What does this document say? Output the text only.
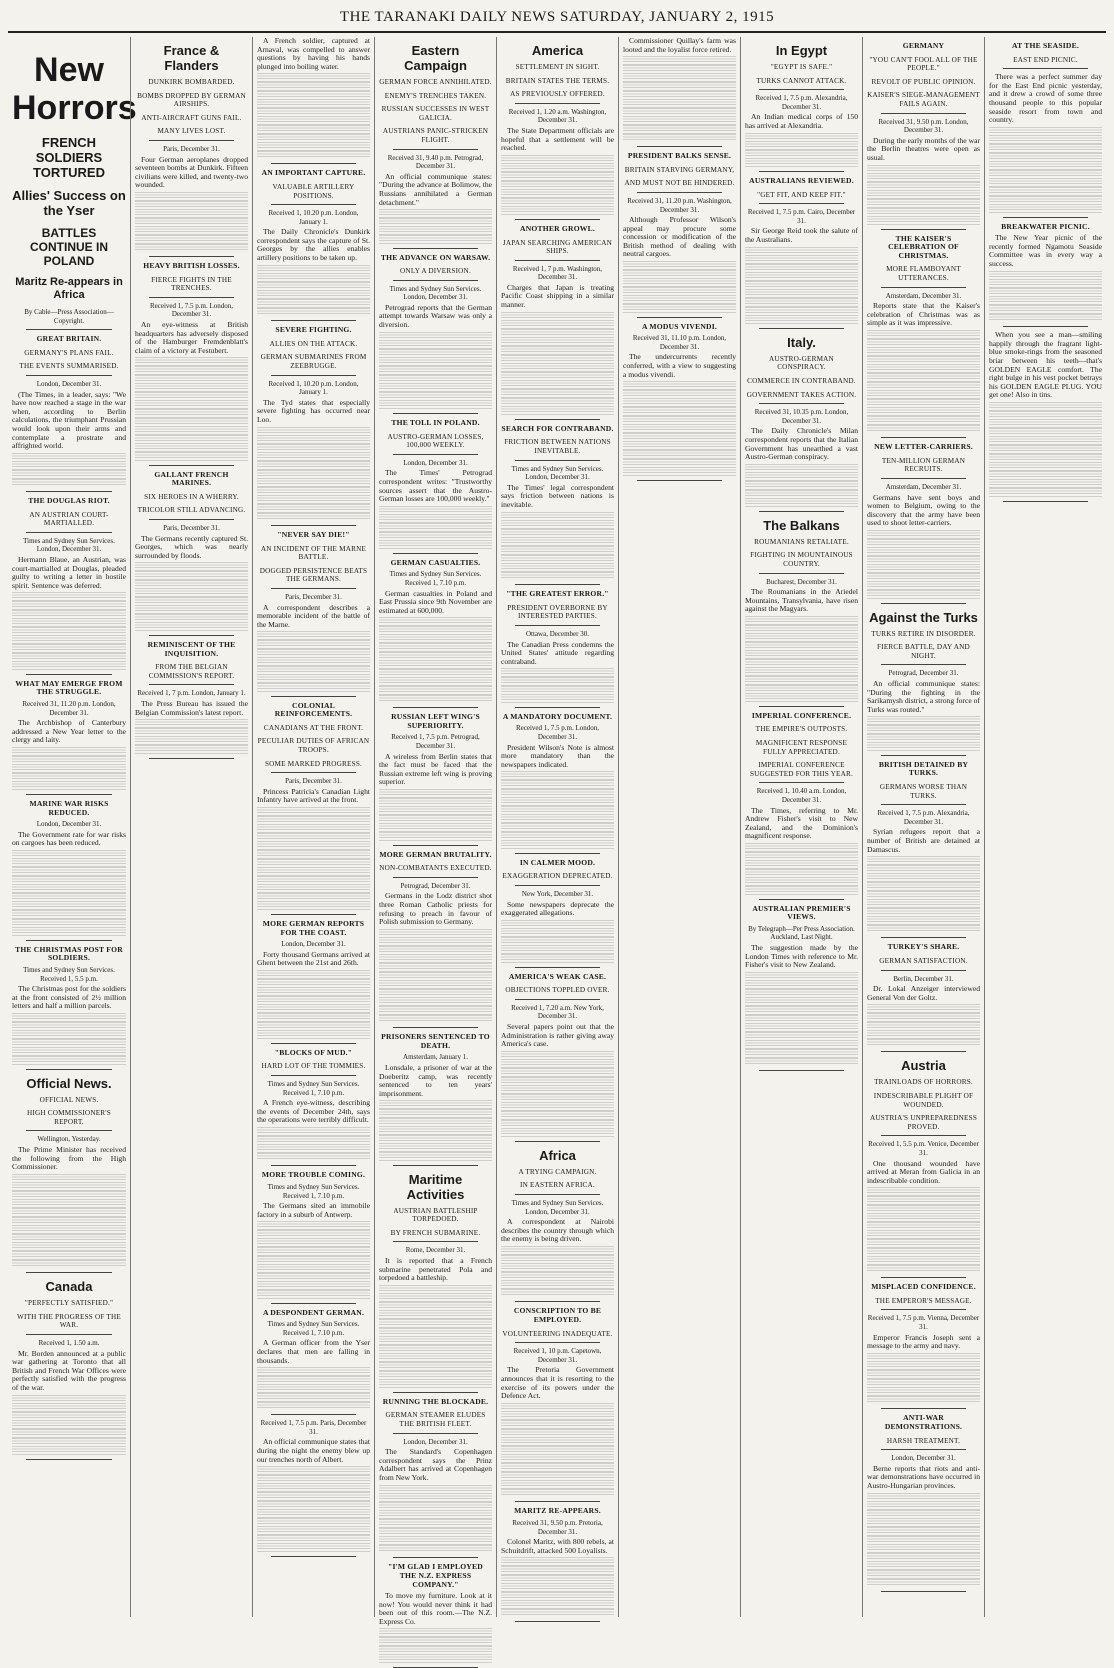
THE TARANAKI DAILY NEWS SATURDAY, JANUARY 2, 1915
New Horrors
FRENCH SOLDIERS TORTURED
Allies' Success on the Yser
BATTLES CONTINUE IN POLAND
Maritz Re-appears in Africa
By Cable—Press Association—Copyright.
GREAT BRITAIN.
GERMANY'S PLANS FAIL.
THE EVENTS SUMMARISED.
London, December 31.

(The Times, in a leader, says: "We have now reached a stage in the war when, according to Berlin calculations, the triumphant Prussian would look upon their arms and contemplate a prostrate and affrighted world.

THE DOUGLAS RIOT.
AN AUSTRIAN COURT-MARTIALLED.
Times and Sydney Sun Services. London, December 31.

Hermann Blaue, an Austrian, was court-martialled at Douglas, pleaded guilty to writing a letter in hostile spirit. Sentence was deferred.

WHAT MAY EMERGE FROM THE STRUGGLE.
Received 31, 11.20 p.m. London, December 31.

The Archbishop of Canterbury addressed a New Year letter to the clergy and laity.

MARINE WAR RISKS REDUCED.
London, December 31.

The Government rate for war risks on cargoes has been reduced.

THE CHRISTMAS POST FOR SOLDIERS.
Times and Sydney Sun Services. Received 1, 5.5 p.m.

The Christmas post for the soldiers at the front consisted of 2½ million letters and half a million parcels.

Official News.
OFFICIAL NEWS.
HIGH COMMISSIONER'S REPORT.
Wellington, Yesterday.

The Prime Minister has received the following from the High Commissioner.

Canada
"PERFECTLY SATISFIED."
WITH THE PROGRESS OF THE WAR.
Received 1, 1.50 a.m.

Mr. Borden announced at a public war gathering at Toronto that all British and French War Offices were perfectly satisfied with the progress of the war.

France & Flanders
DUNKIRK BOMBARDED.
BOMBS DROPPED BY GERMAN AIRSHIPS.
ANTI-AIRCRAFT GUNS FAIL.
MANY LIVES LOST.
Paris, December 31.

Four German aeroplanes dropped seventeen bombs at Dunkirk. Fifteen civilians were killed, and twenty-two wounded.

HEAVY BRITISH LOSSES.
FIERCE FIGHTS IN THE TRENCHES.
Received 1, 7.5 p.m. London, December 31.

An eye-witness at British headquarters has adversely disposed of the Hamburger Fremdenblatt's claim of a victory at Festubert.

GALLANT FRENCH MARINES.
SIX HEROES IN A WHERRY.
TRICOLOR STILL ADVANCING.
Paris, December 31.

The Germans recently captured St. Georges, which was nearly surrounded by floods.

REMINISCENT OF THE INQUISITION.
FROM THE BELGIAN COMMISSION'S REPORT.
Received 1, 7 p.m. London, January 1.

The Press Bureau has issued the Belgian Commission's latest report.

A French soldier, captured at Arnaval, was compelled to answer questions by having his hands plunged into boiling water.

AN IMPORTANT CAPTURE.
VALUABLE ARTILLERY POSITIONS.
Received 1, 10.20 p.m. London, January 1.

The Daily Chronicle's Dunkirk correspondent says the capture of St. Georges by the allies enables artillery positions to be taken up.

SEVERE FIGHTING.
ALLIES ON THE ATTACK.
GERMAN SUBMARINES FROM ZEEBRUGGE.
Received 1, 10.20 p.m. London, January 1.

The Tyd states that especially severe fighting has occurred near Loo.

"NEVER SAY DIE!"
AN INCIDENT OF THE MARNE BATTLE.
DOGGED PERSISTENCE BEATS THE GERMANS.
Paris, December 31.

A correspondent describes a memorable incident of the battle of the Marne.

COLONIAL REINFORCEMENTS.
CANADIANS AT THE FRONT.
PECULIAR DUTIES OF AFRICAN TROOPS.
SOME MARKED PROGRESS.
Paris, December 31.

Princess Patricia's Canadian Light Infantry have arrived at the front.

MORE GERMAN REPORTS FOR THE COAST.
London, December 31.

Forty thousand Germans arrived at Ghent between the 21st and 26th.

"BLOCKS OF MUD."
HARD LOT OF THE TOMMIES.
Times and Sydney Sun Services. Received 1, 7.10 p.m.

A French eye-witness, describing the events of December 24th, says the operations were terribly difficult.

MORE TROUBLE COMING.
Times and Sydney Sun Services. Received 1, 7.10 p.m.

The Germans sited an immobile factory in a suburb of Antwerp.

A DESPONDENT GERMAN.
Times and Sydney Sun Services. Received 1, 7.10 p.m.

A German officer from the Yser declares that men are falling in thousands.

Received 1, 7.5 p.m. Paris, December 31.

An official communique states that during the night the enemy blew up our trenches north of Albert.

Eastern Campaign
GERMAN FORCE ANNIHILATED.
ENEMY'S TRENCHES TAKEN.
RUSSIAN SUCCESSES IN WEST GALICIA.
AUSTRIANS PANIC-STRICKEN FLIGHT.
Received 31, 9.40 p.m. Petrograd, December 31.

An official communique states: "During the advance at Bolimow, the Russians annihilated a German detachment."

THE ADVANCE ON WARSAW.
ONLY A DIVERSION.
Times and Sydney Sun Services. London, December 31.

Petrograd reports that the German attempt towards Warsaw was only a diversion.

THE TOLL IN POLAND.
AUSTRO-GERMAN LOSSES, 100,000 WEEKLY.
London, December 31.

The Times' Petrograd correspondent writes: "Trustworthy sources assert that the Austro-German losses are 100,000 weekly."

GERMAN CASUALTIES.
Times and Sydney Sun Services. Received 1, 7.10 p.m.

German casualties in Poland and East Prussia since 9th November are estimated at 600,000.

RUSSIAN LEFT WING'S SUPERIORITY.
Received 1, 7.5 p.m. Petrograd, December 31.

A wireless from Berlin states that the fact must be faced that the Russian extreme left wing is proving superior.

MORE GERMAN BRUTALITY.
NON-COMBATANTS EXECUTED.
Petrograd, December 31.

Germans in the Lodz district shot three Roman Catholic priests for refusing to preach in favour of Polish submission to Germany.

PRISONERS SENTENCED TO DEATH.
Amsterdam, January 1.

Lonsdale, a prisoner of war at the Doeberitz camp, was recently sentenced to ten years' imprisonment.

Maritime Activities
AUSTRIAN BATTLESHIP TORPEDOED.
BY FRENCH SUBMARINE.
Rome, December 31.

It is reported that a French submarine penetrated Pola and torpedoed a battleship.

RUNNING THE BLOCKADE.
GERMAN STEAMER ELUDES THE BRITISH FLEET.
London, December 31.

The Standard's Copenhagen correspondent says the Prinz Adalbert has arrived at Copenhagen from New York.

"I'M GLAD I EMPLOYED THE N.Z. EXPRESS COMPANY."

To move my furniture. Look at it now! You would never think it had been out of this room.—The N.Z. Express Co.

America
SETTLEMENT IN SIGHT.
BRITAIN STATES THE TERMS.
AS PREVIOUSLY OFFERED.
Received 1, 1.20 a.m. Washington, December 31.

The State Department officials are hopeful that a settlement will be reached.

ANOTHER GROWL.
JAPAN SEARCHING AMERICAN SHIPS.
Received 1, 7 p.m. Washington, December 31.

Charges that Japan is treating Pacific Coast shipping in a similar manner.

SEARCH FOR CONTRABAND.
FRICTION BETWEEN NATIONS INEVITABLE.
Times and Sydney Sun Services. London, December 31.

The Times' legal correspondent says friction between nations is inevitable.

"THE GREATEST ERROR."
PRESIDENT OVERBORNE BY INTERESTED PARTIES.
Ottawa, December 30.

The Canadian Press condemns the United States' attitude regarding contraband.

A MANDATORY DOCUMENT.
Received 1, 7.5 p.m. London, December 31.

President Wilson's Note is almost more mandatory than the newspapers indicated.

IN CALMER MOOD.
EXAGGERATION DEPRECATED.
New York, December 31.

Some newspapers deprecate the exaggerated allegations.

AMERICA'S WEAK CASE.
OBJECTIONS TOPPLED OVER.
Received 1, 7.20 a.m. New York, December 31.

Several papers point out that the Administration is rather giving away America's case.

Africa
A TRYING CAMPAIGN.
IN EASTERN AFRICA.
Times and Sydney Sun Services. London, December 31.

A correspondent at Nairobi describes the country through which the enemy is being driven.

CONSCRIPTION TO BE EMPLOYED.
VOLUNTEERING INADEQUATE.
Received 1, 10 p.m. Capetown, December 31.

The Pretoria Government announces that it is resorting to the exercise of its powers under the Defence Act.

MARITZ RE-APPEARS.
Received 31, 9.50 p.m. Pretoria, December 31.

Colonel Maritz, with 800 rebels, at Schuitdrift, attacked 500 Loyalists.

Commissioner Quillay's farm was looted and the loyalist force retired.

PRESIDENT BALKS SENSE.
BRITAIN STARVING GERMANY,
AND MUST NOT BE HINDERED.
Received 31, 11.20 p.m. Washington, December 31.

Although Professor Wilson's appeal may procure some concession or modification of the British method of dealing with neutral cargoes.

A MODUS VIVENDI.
Received 31, 11.10 p.m. London, December 31.

The undercurrents recently conferred, with a view to suggesting a modus vivendi.

In Egypt
"EGYPT IS SAFE."
TURKS CANNOT ATTACK.
Received 1, 7.5 p.m. Alexandria, December 31.

An Indian medical corps of 150 has arrived at Alexandria.

AUSTRALIANS REVIEWED.
"GET FIT, AND KEEP FIT."
Received 1, 7.5 p.m. Cairo, December 31.

Sir George Reid took the salute of the Australians.

Italy.
AUSTRO-GERMAN CONSPIRACY.
COMMERCE IN CONTRABAND.
GOVERNMENT TAKES ACTION.
Received 31, 10.35 p.m. London, December 31.

The Daily Chronicle's Milan correspondent reports that the Italian Government has unearthed a vast Austro-German conspiracy.

The Balkans
ROUMANIANS RETALIATE.
FIGHTING IN MOUNTAINOUS COUNTRY.
Bucharest, December 31.

The Roumanians in the Ariedel Mountains, Transylvania, have risen against the Magyars.

IMPERIAL CONFERENCE.
THE EMPIRE'S OUTPOSTS.
MAGNIFICENT RESPONSE FULLY APPRECIATED.
IMPERIAL CONFERENCE SUGGESTED FOR THIS YEAR.
Received 1, 10.40 a.m. London, December 31.

The Times, referring to Mr. Andrew Fisher's visit to New Zealand, and the Dominion's magnificent response.

AUSTRALIAN PREMIER'S VIEWS.
By Telegraph—Per Press Association. Auckland, Last Night.

The suggestion made by the London Times with reference to Mr. Fisher's visit to New Zealand.

GERMANY
"YOU CAN'T FOOL ALL OF THE PEOPLE."
REVOLT OF PUBLIC OPINION.
KAISER'S SIEGE-MANAGEMENT FAILS AGAIN.
Received 31, 9.50 p.m. London, December 31.

During the early months of the war the Berlin theatres were open as usual.

THE KAISER'S CELEBRATION OF CHRISTMAS.
MORE FLAMBOYANT UTTERANCES.
Amsterdam, December 31.

Reports state that the Kaiser's celebration of Christmas was as simple as it was impressive.

NEW LETTER-CARRIERS.
TEN-MILLION GERMAN RECRUITS.
Amsterdam, December 31.

Germans have sent boys and women to Belgium, owing to the discovery that the army have been used to shoot letter-carriers.

Against the Turks
TURKS RETIRE IN DISORDER.
FIERCE BATTLE, DAY AND NIGHT.
Petrograd, December 31.

An official communique states: "During the fighting in the Sarikamysh district, a strong force of Turks was routed."

BRITISH DETAINED BY TURKS.
GERMANS WORSE THAN TURKS.
Received 1, 7.5 p.m. Alexandria, December 31.

Syrian refugees report that a number of British are detained at Damascus.

TURKEY'S SHARE.
GERMAN SATISFACTION.
Berlin, December 31.

Dr. Lokal Anzeiger interviewed General Von der Goltz.

Austria
TRAINLOADS OF HORRORS.
INDESCRIBABLE PLIGHT OF WOUNDED.
AUSTRIA'S UNPREPAREDNESS PROVED.
Received 1, 5.5 p.m. Venice, December 31.

One thousand wounded have arrived at Meran from Galicia in an indescribable condition.

MISPLACED CONFIDENCE.
THE EMPEROR'S MESSAGE.
Received 1, 7.5 p.m. Vienna, December 31.

Emperor Francis Joseph sent a message to the army and navy.

ANTI-WAR DEMONSTRATIONS.
HARSH TREATMENT.
London, December 31.

Berne reports that riots and anti-war demonstrations have occurred in Austro-Hungarian provinces.

AT THE SEASIDE.
EAST END PICNIC.

There was a perfect summer day for the East End picnic yesterday, and it drew a crowd of some three thousand people to this popular seaside resort from town and country.

BREAKWATER PICNIC.

The New Year picnic of the recently formed Ngamotu Seaside Committee was in every way a success.

When you see a man—smiling happily through the fragrant light-blue smoke-rings from the seasoned briar between his teeth—that's GOLDEN EAGLE comfort. The right bulge in his vest pocket betrays his GOLDEN EAGLE PLUG. YOU get one! Also in tins.
